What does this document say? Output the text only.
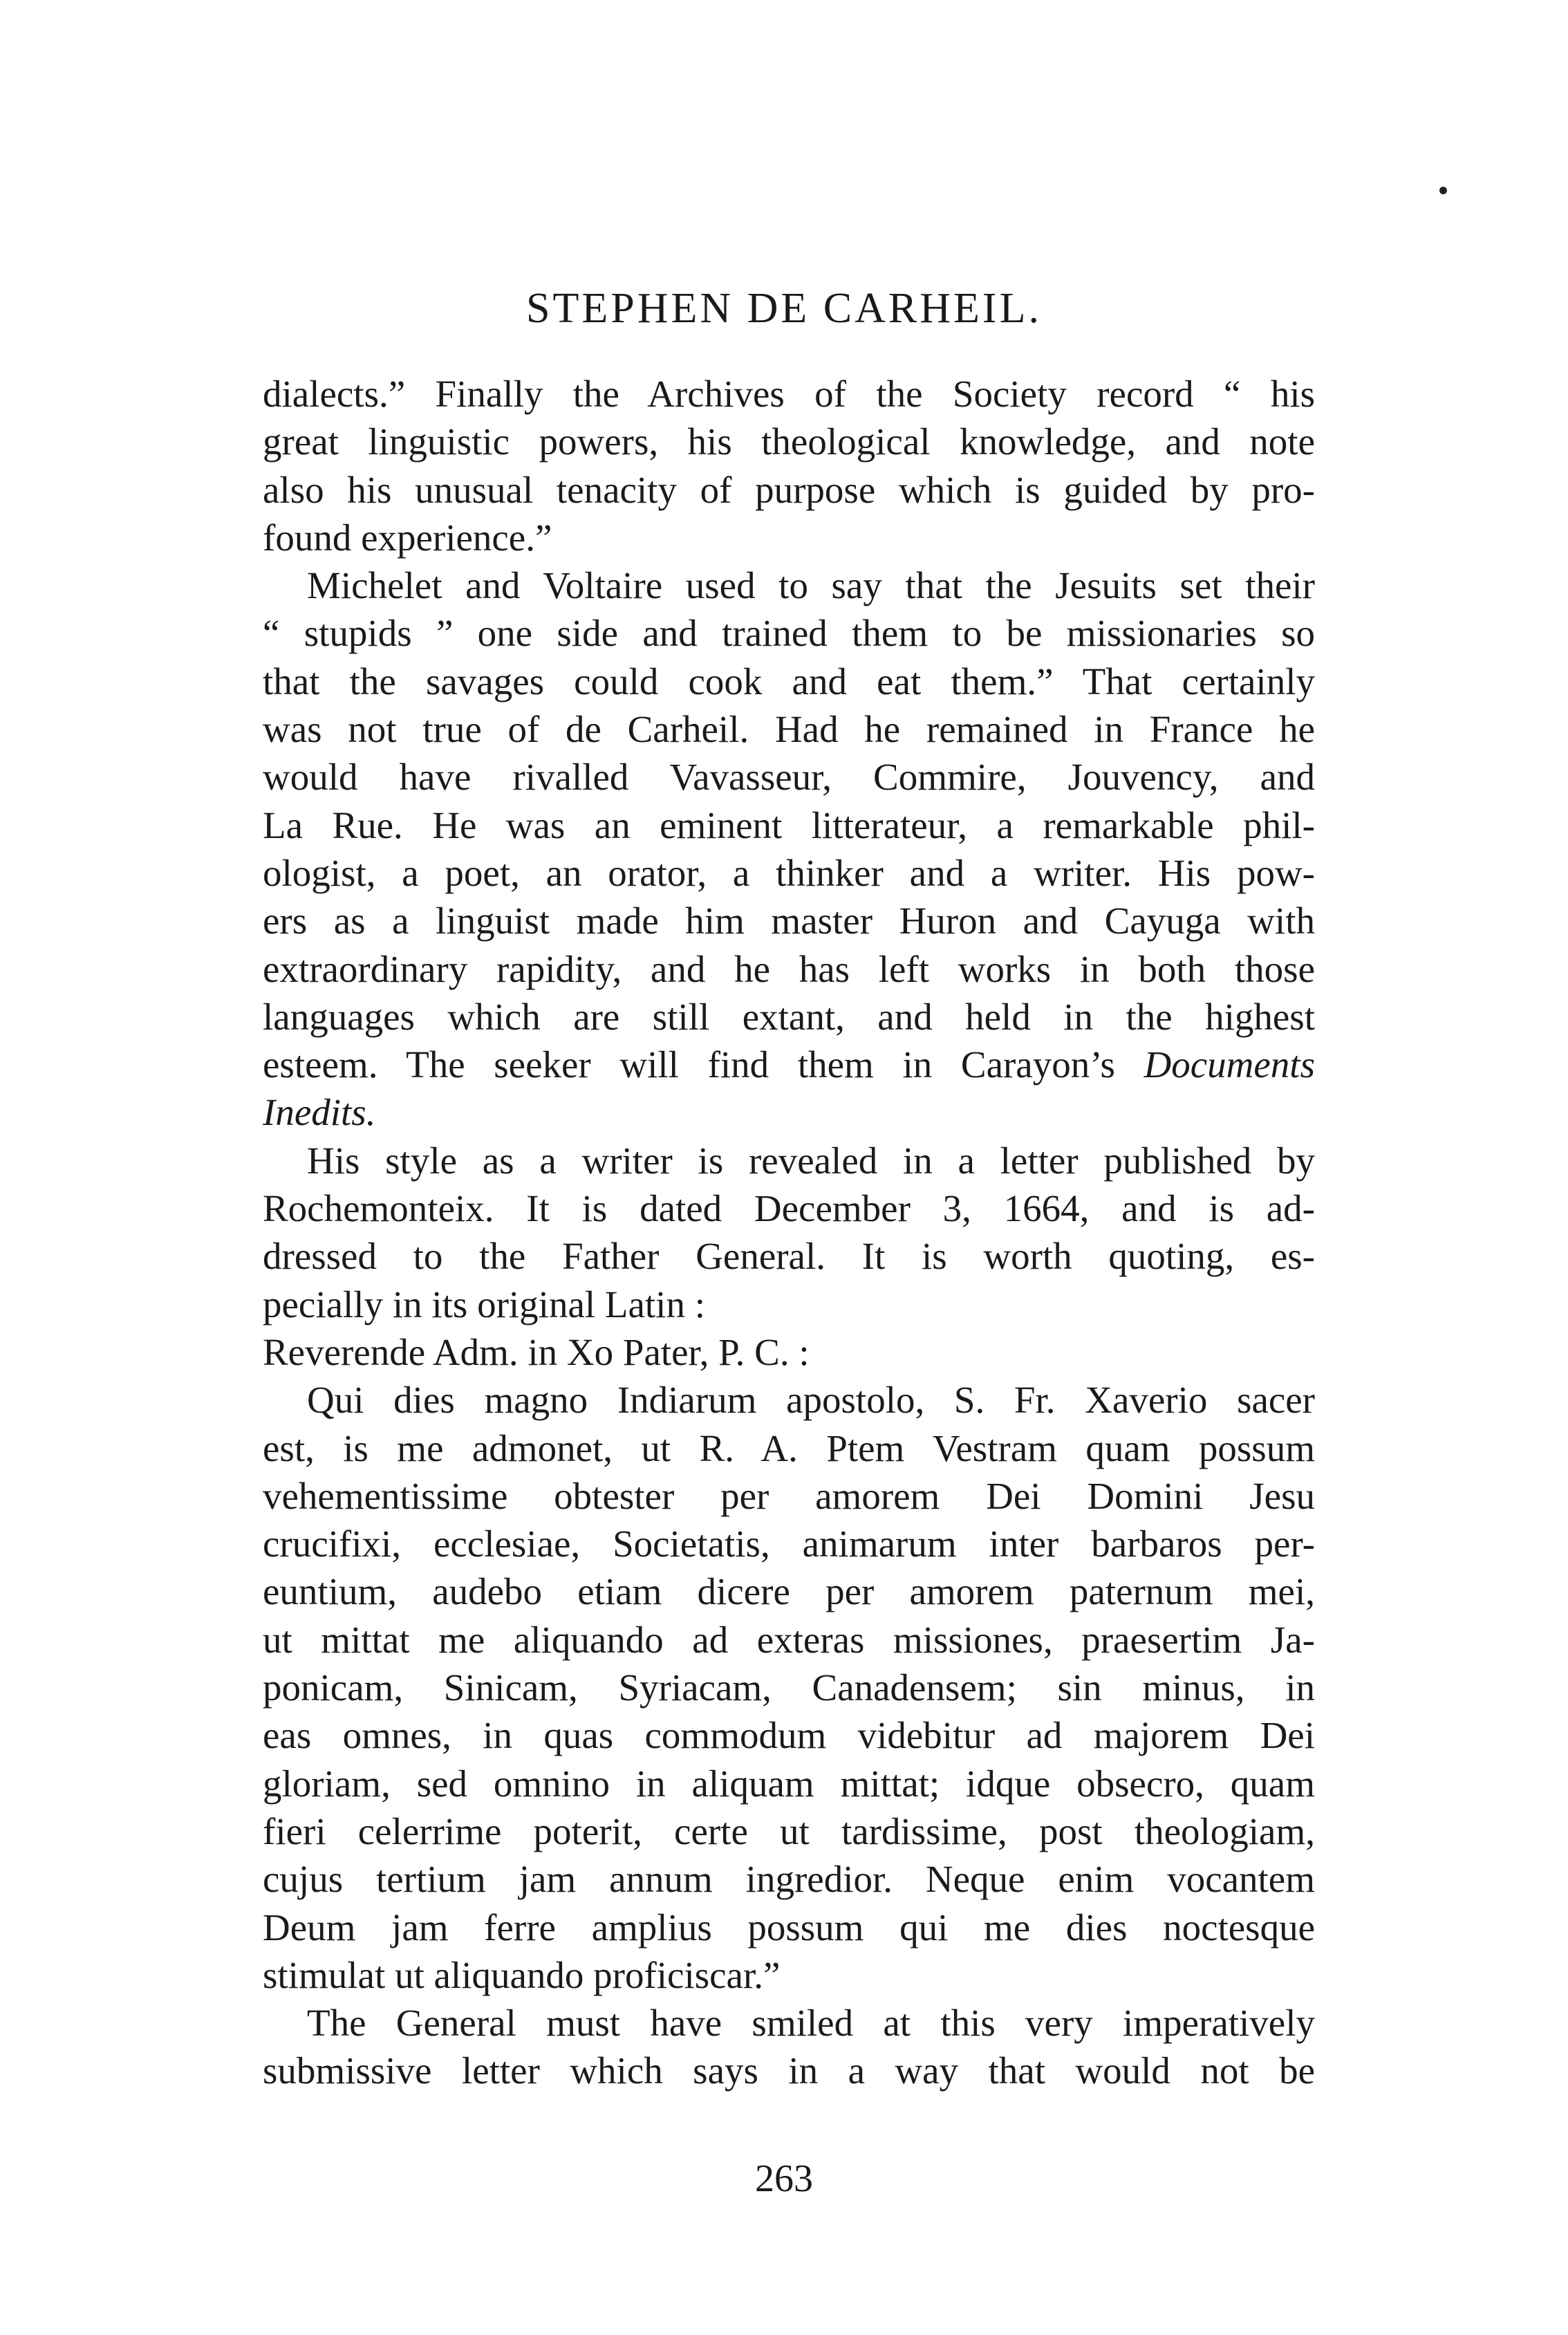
STEPHEN DE CARHEIL.
dialects.” Finally the Archives of the Society record “ his
great linguistic powers, his theological knowledge, and note
also his unusual tenacity of purpose which is guided by pro-
found experience.”
Michelet and Voltaire used to say that the Jesuits set their
“ stupids ” one side and trained them to be missionaries so
that the savages could cook and eat them.” That certainly
was not true of de Carheil. Had he remained in France he
would have rivalled Vavasseur, Commire, Jouvency, and
La Rue. He was an eminent litterateur, a remarkable phil-
ologist, a poet, an orator, a thinker and a writer. His pow-
ers as a linguist made him master Huron and Cayuga with
extraordinary rapidity, and he has left works in both those
languages which are still extant, and held in the highest
esteem. The seeker will find them in Carayon’s Documents
Inedits.
His style as a writer is revealed in a letter published by
Rochemonteix. It is dated December 3, 1664, and is ad-
dressed to the Father General. It is worth quoting, es-
pecially in its original Latin :
Reverende Adm. in Xo Pater, P. C. :
Qui dies magno Indiarum apostolo, S. Fr. Xaverio sacer
est, is me admonet, ut R. A. Ptem Vestram quam possum
vehementissime obtester per amorem Dei Domini Jesu
crucifixi, ecclesiae, Societatis, animarum inter barbaros per-
euntium, audebo etiam dicere per amorem paternum mei,
ut mittat me aliquando ad exteras missiones, praesertim Ja-
ponicam, Sinicam, Syriacam, Canadensem; sin minus, in
eas omnes, in quas commodum videbitur ad majorem Dei
gloriam, sed omnino in aliquam mittat; idque obsecro, quam
fieri celerrime poterit, certe ut tardissime, post theologiam,
cujus tertium jam annum ingredior. Neque enim vocantem
Deum jam ferre amplius possum qui me dies noctesque
stimulat ut aliquando proficiscar.”
The General must have smiled at this very imperatively
submissive letter which says in a way that would not be
263
